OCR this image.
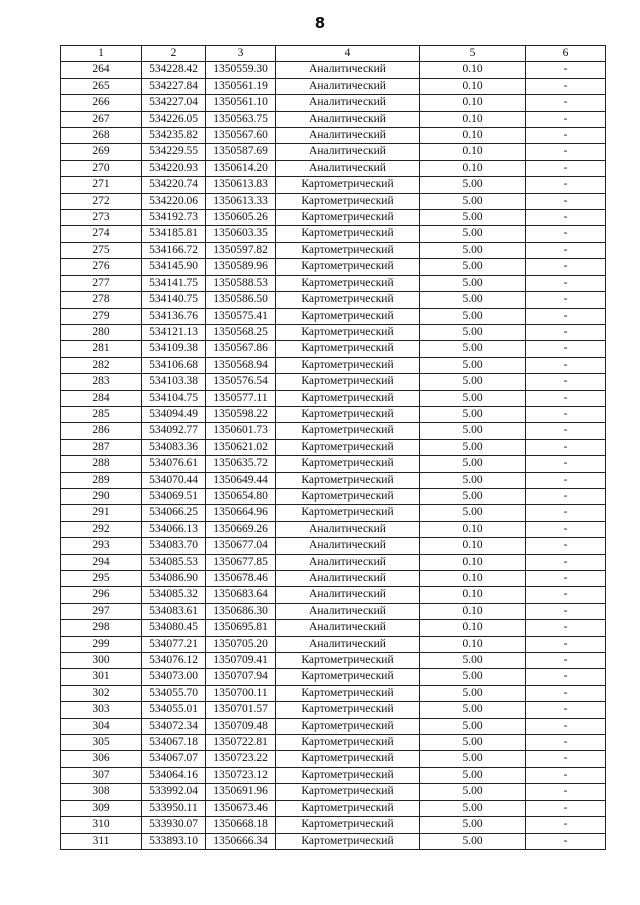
8
1	2	3	4	5	6
264	534228.42	1350559.30	Аналитический	0.10	-
265	534227.84	1350561.19	Аналитический	0.10	-
266	534227.04	1350561.10	Аналитический	0.10	-
267	534226.05	1350563.75	Аналитический	0.10	-
268	534235.82	1350567.60	Аналитический	0.10	-
269	534229.55	1350587.69	Аналитический	0.10	-
270	534220.93	1350614.20	Аналитический	0.10	-
271	534220.74	1350613.83	Картометрический	5.00	-
272	534220.06	1350613.33	Картометрический	5.00	-
273	534192.73	1350605.26	Картометрический	5.00	-
274	534185.81	1350603.35	Картометрический	5.00	-
275	534166.72	1350597.82	Картометрический	5.00	-
276	534145.90	1350589.96	Картометрический	5.00	-
277	534141.75	1350588.53	Картометрический	5.00	-
278	534140.75	1350586.50	Картометрический	5.00	-
279	534136.76	1350575.41	Картометрический	5.00	-
280	534121.13	1350568.25	Картометрический	5.00	-
281	534109.38	1350567.86	Картометрический	5.00	-
282	534106.68	1350568.94	Картометрический	5.00	-
283	534103.38	1350576.54	Картометрический	5.00	-
284	534104.75	1350577.11	Картометрический	5.00	-
285	534094.49	1350598.22	Картометрический	5.00	-
286	534092.77	1350601.73	Картометрический	5.00	-
287	534083.36	1350621.02	Картометрический	5.00	-
288	534076.61	1350635.72	Картометрический	5.00	-
289	534070.44	1350649.44	Картометрический	5.00	-
290	534069.51	1350654.80	Картометрический	5.00	-
291	534066.25	1350664.96	Картометрический	5.00	-
292	534066.13	1350669.26	Аналитический	0.10	-
293	534083.70	1350677.04	Аналитический	0.10	-
294	534085.53	1350677.85	Аналитический	0.10	-
295	534086.90	1350678.46	Аналитический	0.10	-
296	534085.32	1350683.64	Аналитический	0.10	-
297	534083.61	1350686.30	Аналитический	0.10	-
298	534080.45	1350695.81	Аналитический	0.10	-
299	534077.21	1350705.20	Аналитический	0.10	-
300	534076.12	1350709.41	Картометрический	5.00	-
301	534073.00	1350707.94	Картометрический	5.00	-
302	534055.70	1350700.11	Картометрический	5.00	-
303	534055.01	1350701.57	Картометрический	5.00	-
304	534072.34	1350709.48	Картометрический	5.00	-
305	534067.18	1350722.81	Картометрический	5.00	-
306	534067.07	1350723.22	Картометрический	5.00	-
307	534064.16	1350723.12	Картометрический	5.00	-
308	533992.04	1350691.96	Картометрический	5.00	-
309	533950.11	1350673.46	Картометрический	5.00	-
310	533930.07	1350668.18	Картометрический	5.00	-
311	533893.10	1350666.34	Картометрический	5.00	-
